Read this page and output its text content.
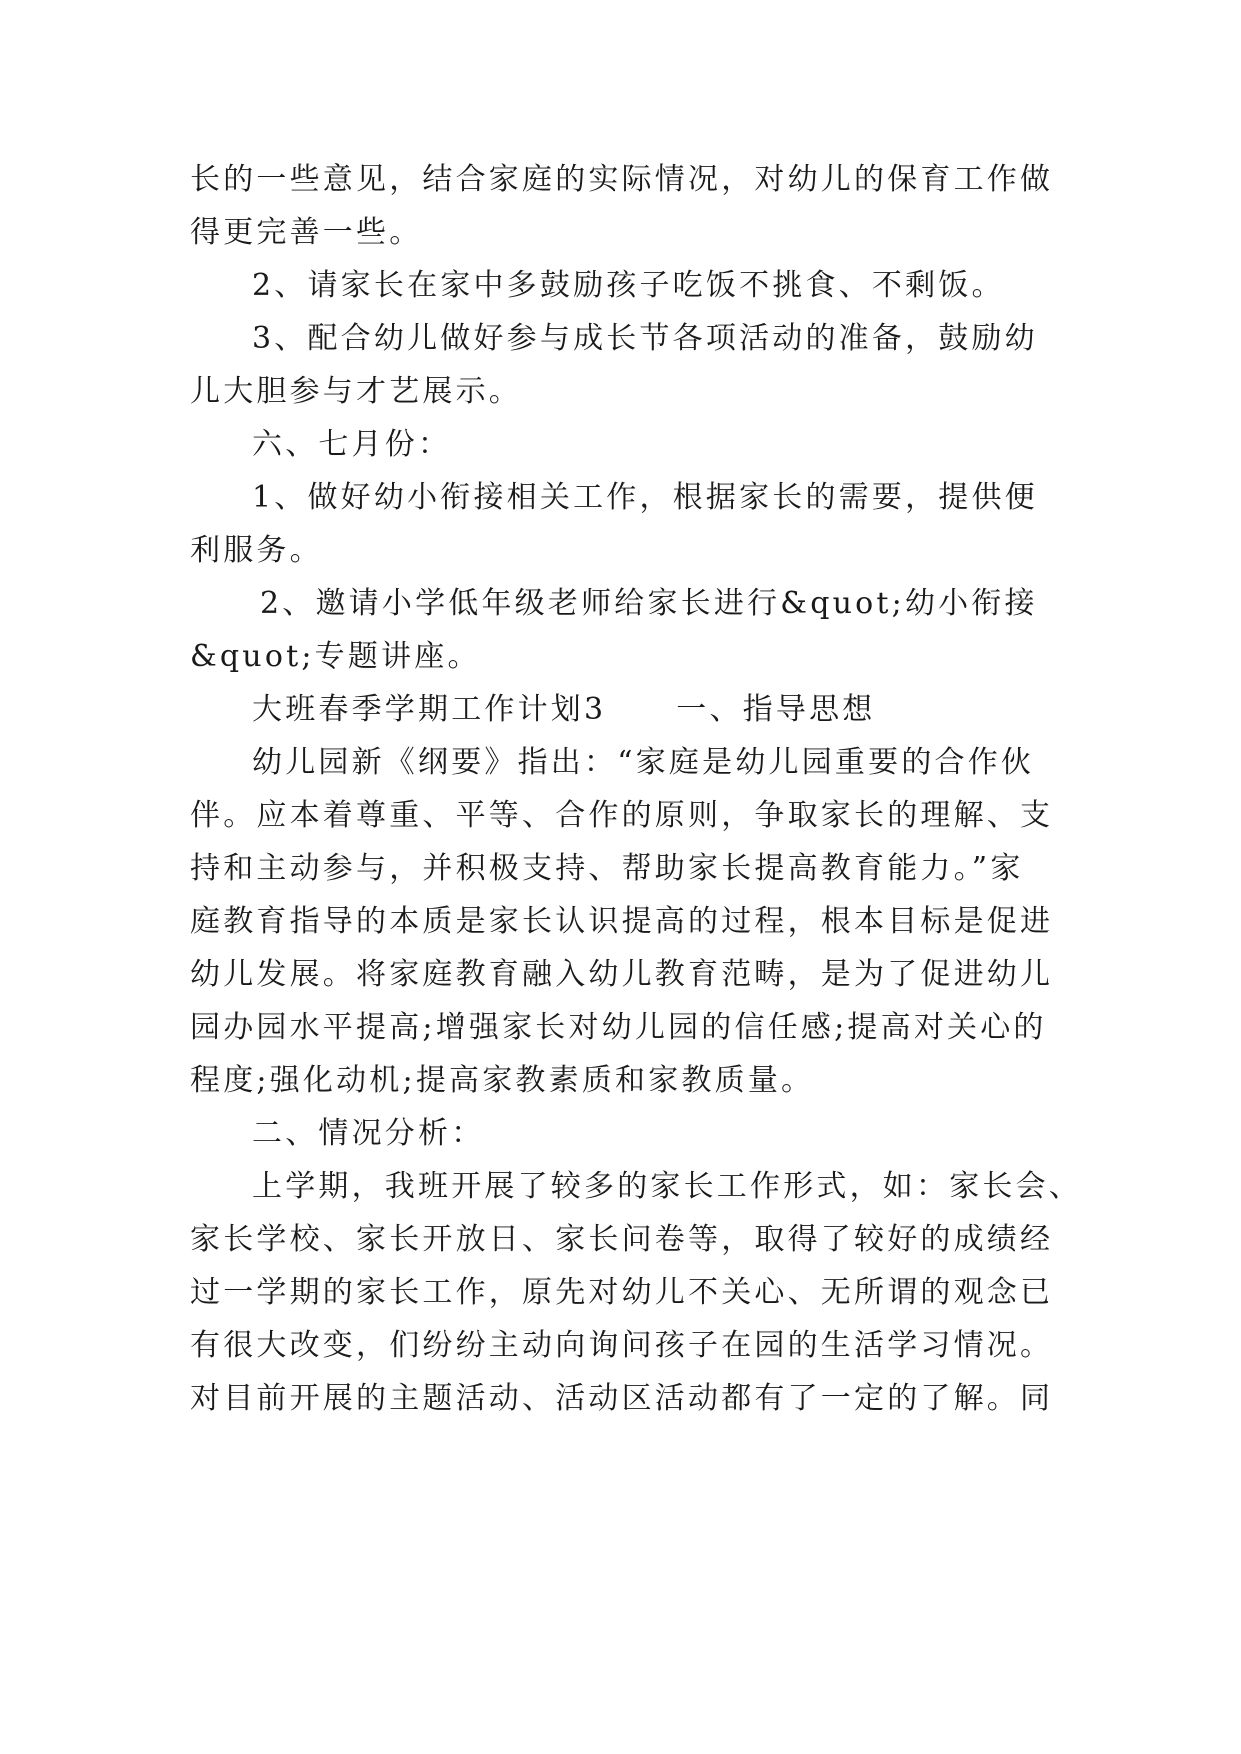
长的一些意见，结合家庭的实际情况，对幼儿的保育工作做
得更完善一些。
2、请家长在家中多鼓励孩子吃饭不挑食、不剩饭。
3、配合幼儿做好参与成长节各项活动的准备，鼓励幼
儿大胆参与才艺展示。
六、七月份：
1、做好幼小衔接相关工作，根据家长的需要，提供便
利服务。
2、邀请小学低年级老师给家长进行&quot;幼小衔接
&quot;专题讲座。
大班春季学期工作计划3 一、指导思想
幼儿园新《纲要》指出：“家庭是幼儿园重要的合作伙
伴。应本着尊重、平等、合作的原则，争取家长的理解、支
持和主动参与，并积极支持、帮助家长提高教育能力。”家
庭教育指导的本质是家长认识提高的过程，根本目标是促进
幼儿发展。将家庭教育融入幼儿教育范畴，是为了促进幼儿
园办园水平提高;增强家长对幼儿园的信任感;提高对关心的
程度;强化动机;提高家教素质和家教质量。
二、情况分析：
上学期，我班开展了较多的家长工作形式，如：家长会、
家长学校、家长开放日、家长问卷等，取得了较好的成绩经
过一学期的家长工作，原先对幼儿不关心、无所谓的观念已
有很大改变，们纷纷主动向询问孩子在园的生活学习情况。
对目前开展的主题活动、活动区活动都有了一定的了解。同
